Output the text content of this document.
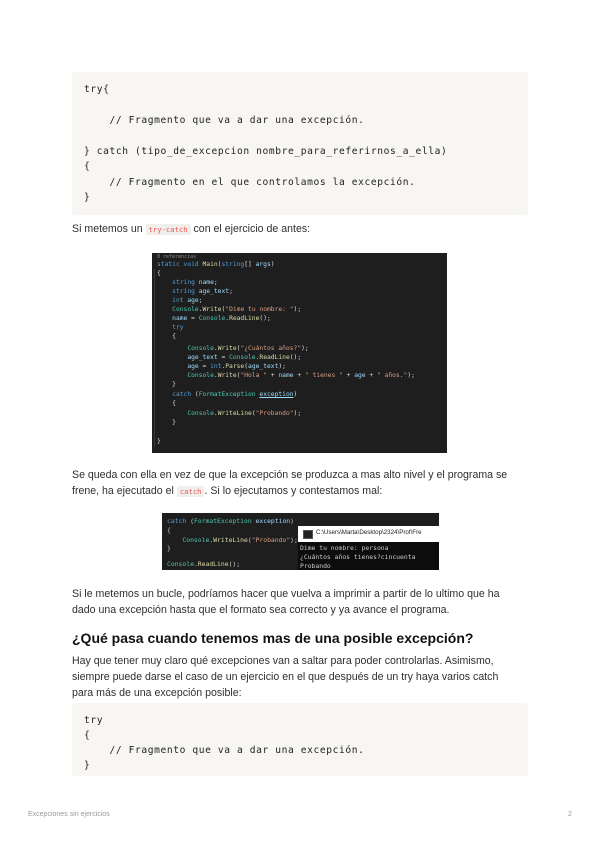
try{
// Fragmento que va a dar una excepción.
} catch (tipo_de_excepcion nombre_para_referirnos_a_ella)
{
// Fragmento en el que controlamos la excepción.
}
Si metemos un try-catch con el ejercicio de antes:
0 referencias
static void Main(string[] args)
{
string name;
string age_text;
int age;
Console.Write("Dime tu nombre: ");
name = Console.ReadLine();
try
{
Console.Write("¿Cuántos años?");
age_text = Console.ReadLine();
age = int.Parse(age_text);
Console.Write("Hola " + name + " tienes " + age + " años.");
}
catch (FormatException exception)
{
Console.WriteLine("Probando");
}
}
Se queda con ella en vez de que la excepción se produzca a mas alto nivel y el programa se
frene, ha ejecutado el catch . Si lo ejecutamos y contestamos mal:
catch (FormatException exception)
{
Console.WriteLine("Probando");
}
Console.ReadLine();
C:\Users\Marta\Desktop\2324\Prof\Fre
Dime tu nombre: persona
¿Cuántos años tienes?cincuenta
Probando
Si le metemos un bucle, podríamos hacer que vuelva a imprimir a partir de lo ultimo que ha
dado una excepción hasta que el formato sea correcto y ya avance el programa.
¿Qué pasa cuando tenemos mas de una posible excepción?
Hay que tener muy claro qué excepciones van a saltar para poder controlarlas. Asimismo,
siempre puede darse el caso de un ejercicio en el que después de un try haya varios catch
para más de una excepción posible:
try
{
// Fragmento que va a dar una excepción.
}
Excepciones sin ejercicios	2
